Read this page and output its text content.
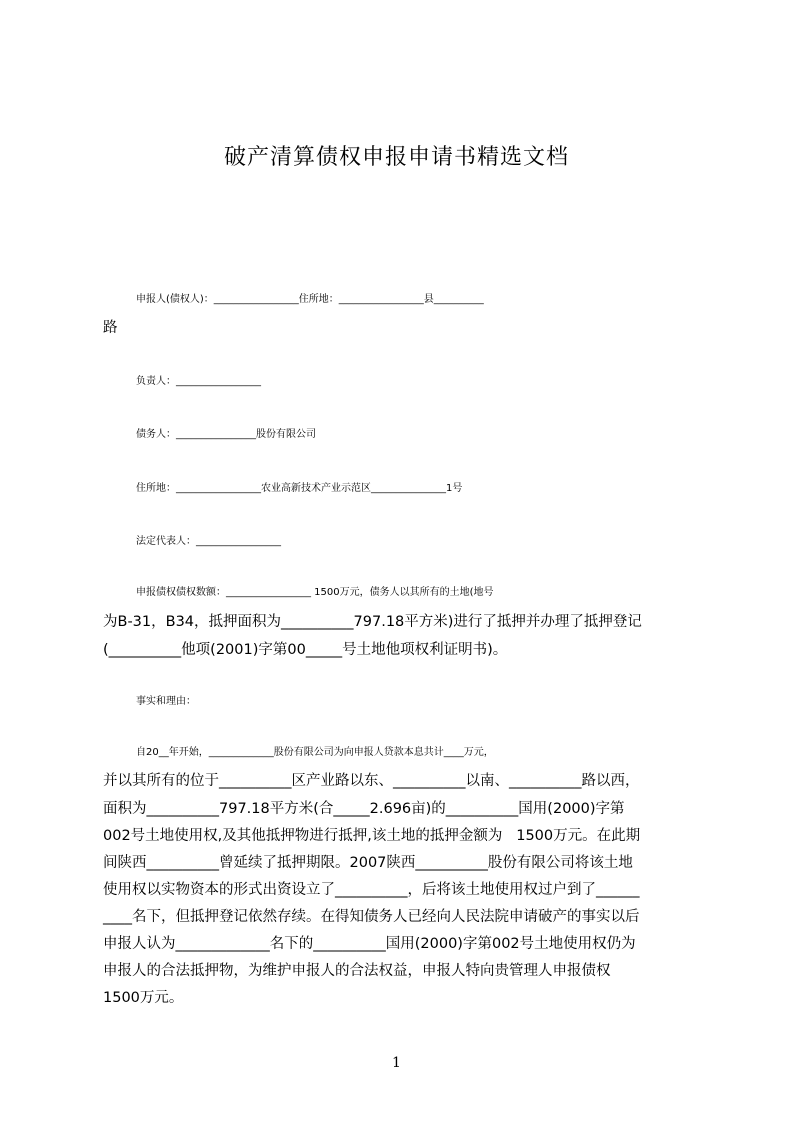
破产清算债权申报申请书精选文档
申报人(债权人)：_________________住所地：_________________县__________
路
负责人：_________________
债务人：________________股份有限公司
住所地：_________________农业高新技术产业示范区_______________1号
法定代表人：_________________
申报债权债权数额：_________________ 1500万元，债务人以其所有的土地(地号
为B-31，B34，抵押面积为__________797.18平方米)进行了抵押并办理了抵押登记
(__________他项(2001)字第00_____号土地他项权利证明书)。
事实和理由：
自20__年开始，_____________股份有限公司为向申报人贷款本息共计____万元，
并以其所有的位于__________区产业路以东、__________以南、__________路以西，
面积为__________797.18平方米(合_____2.696亩)的__________国用(2000)字第
002号土地使用权,及其他抵押物进行抵押,该土地的抵押金额为   1500万元。在此期
间陕西__________曾延续了抵押期限。2007陕西__________股份有限公司将该土地
使用权以实物资本的形式出资设立了__________，后将该土地使用权过户到了______
____名下，但抵押登记依然存续。在得知债务人已经向人民法院申请破产的事实以后
申报人认为_____________名下的__________国用(2000)字第002号土地使用权仍为
申报人的合法抵押物，为维护申报人的合法权益，申报人特向贵管理人申报债权
1500万元。
1
